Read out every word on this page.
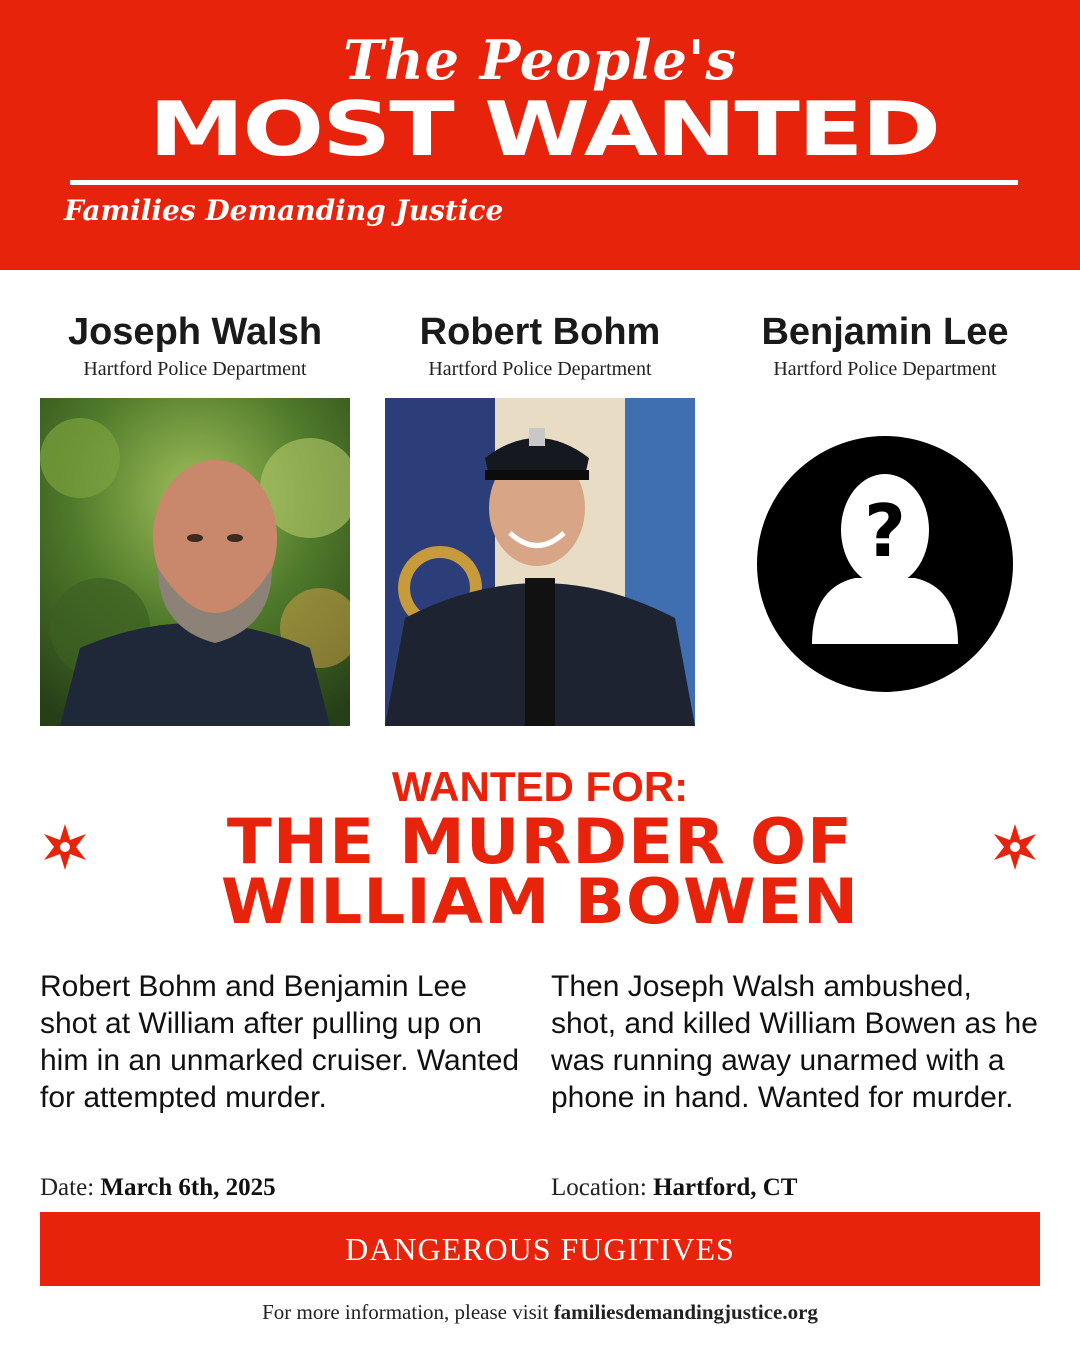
The People's
MOST WANTED
Families Demanding Justice
Joseph Walsh
Hartford Police Department
Robert Bohm
Hartford Police Department
Benjamin Lee
Hartford Police Department
?
WANTED FOR:
THE MURDER OF
WILLIAM BOWEN
Robert Bohm and Benjamin Lee shot at William after pulling up on him in an unmarked cruiser. Wanted for attempted murder.
Then Joseph Walsh ambushed, shot, and killed William Bowen as he was running away unarmed with a phone in hand. Wanted for murder.
Date: March 6th, 2025	Location: Hartford, CT
DANGEROUS FUGITIVES
For more information, please visit familiesdemandingjustice.org
